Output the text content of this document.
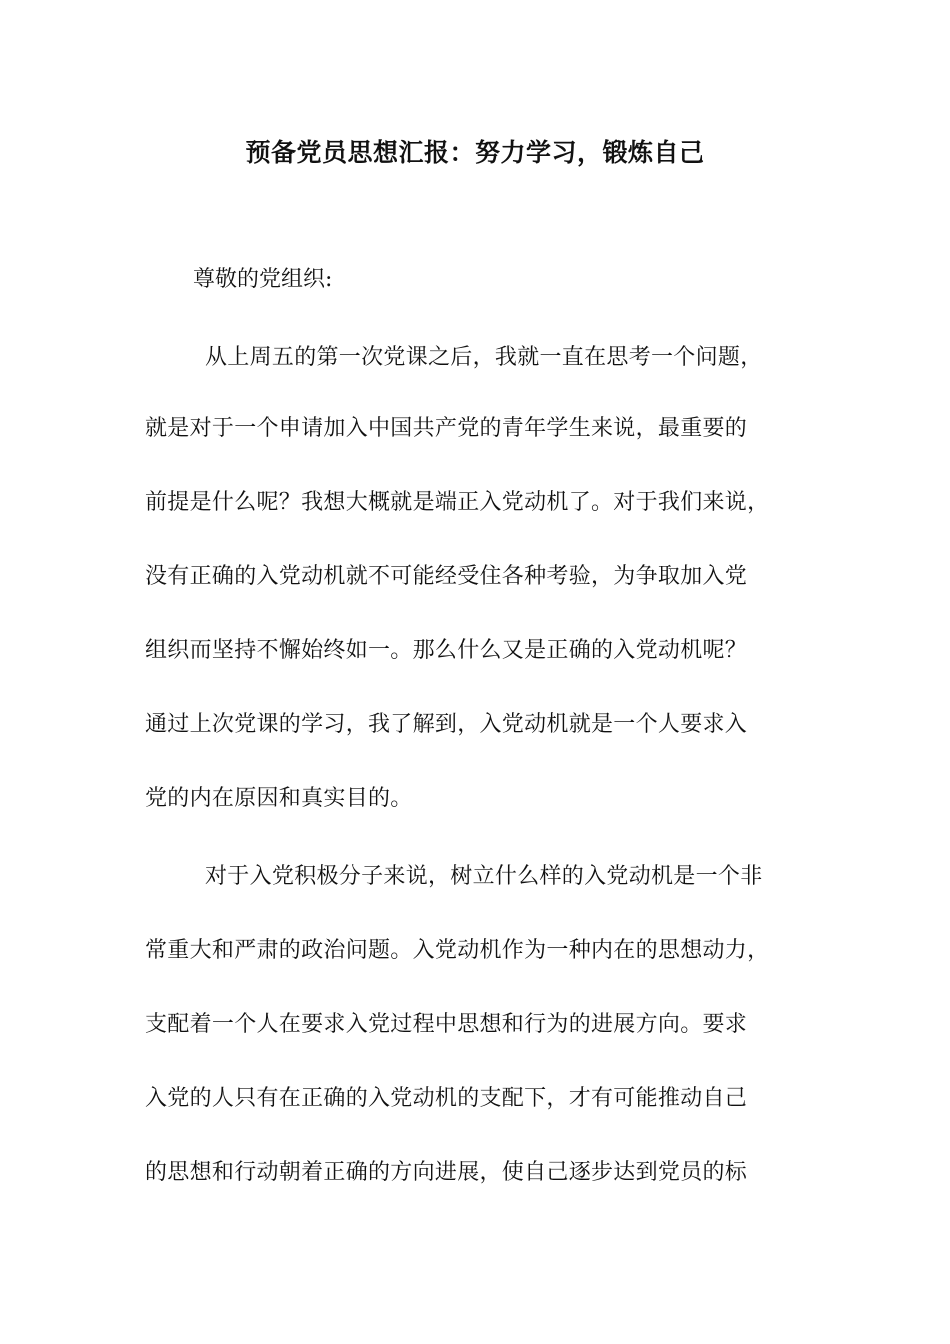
预备党员思想汇报：努力学习，锻炼自己
尊敬的党组织:
从上周五的第一次党课之后，我就一直在思考一个问题，
就是对于一个申请加入中国共产党的青年学生来说，最重要的
前提是什么呢？我想大概就是端正入党动机了。对于我们来说，
没有正确的入党动机就不可能经受住各种考验，为争取加入党
组织而坚持不懈始终如一。那么什么又是正确的入党动机呢？
通过上次党课的学习，我了解到，入党动机就是一个人要求入
党的内在原因和真实目的。
对于入党积极分子来说，树立什么样的入党动机是一个非
常重大和严肃的政治问题。入党动机作为一种内在的思想动力，
支配着一个人在要求入党过程中思想和行为的进展方向。要求
入党的人只有在正确的入党动机的支配下，才有可能推动自己
的思想和行动朝着正确的方向进展，使自己逐步达到党员的标
